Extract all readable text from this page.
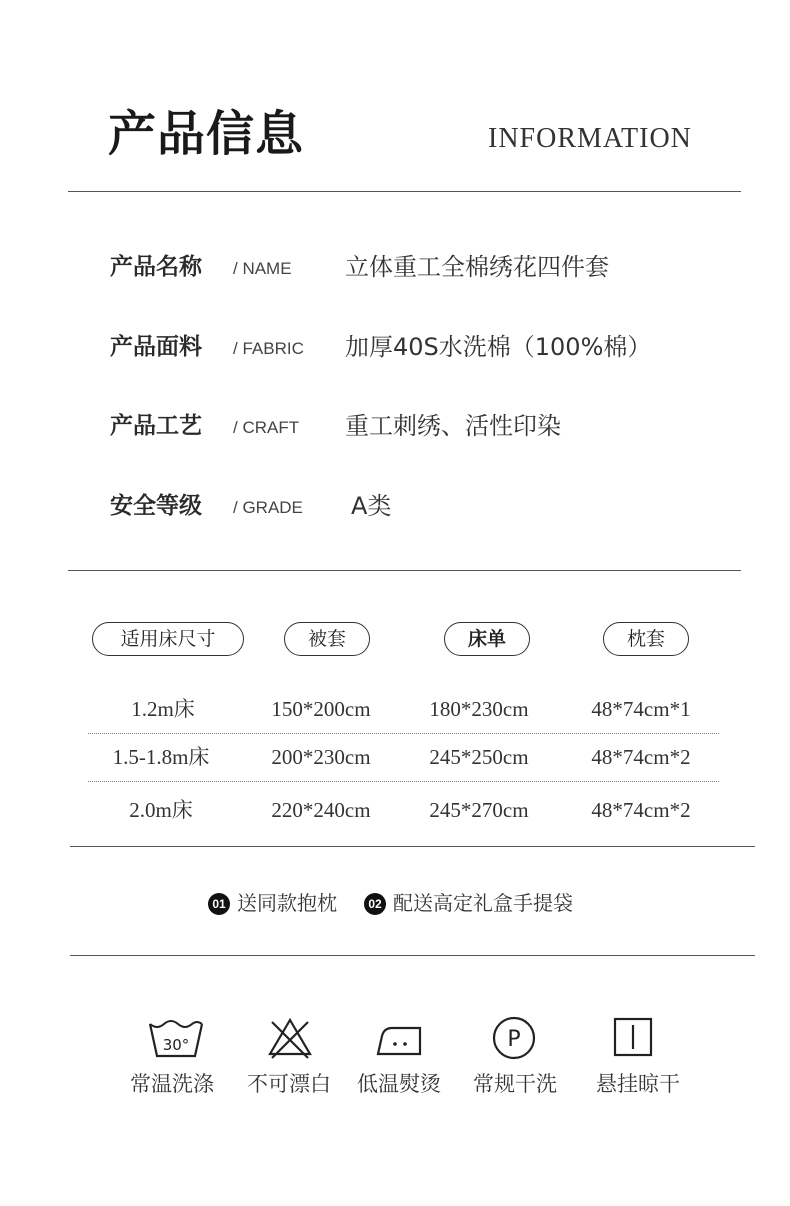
产品信息	INFORMATION
产品名称 / NAME 立体重工全棉绣花四件套
产品面料 / FABRIC 加厚40S水洗棉（100%棉）
产品工艺 / CRAFT 重工刺绣、活性印染
安全等级 / GRADE A类
适用床尺寸	被套	床单	枕套
1.2m床	150*200cm	180*230cm	48*74cm*1
1.5-1.8m床	200*230cm	245*250cm	48*74cm*2
2.0m床	220*240cm	245*270cm	48*74cm*2
01 送同款抱枕	02 配送高定礼盒手提袋
30°	P
常温洗涤	不可漂白	低温熨烫	常规干洗	悬挂晾干
